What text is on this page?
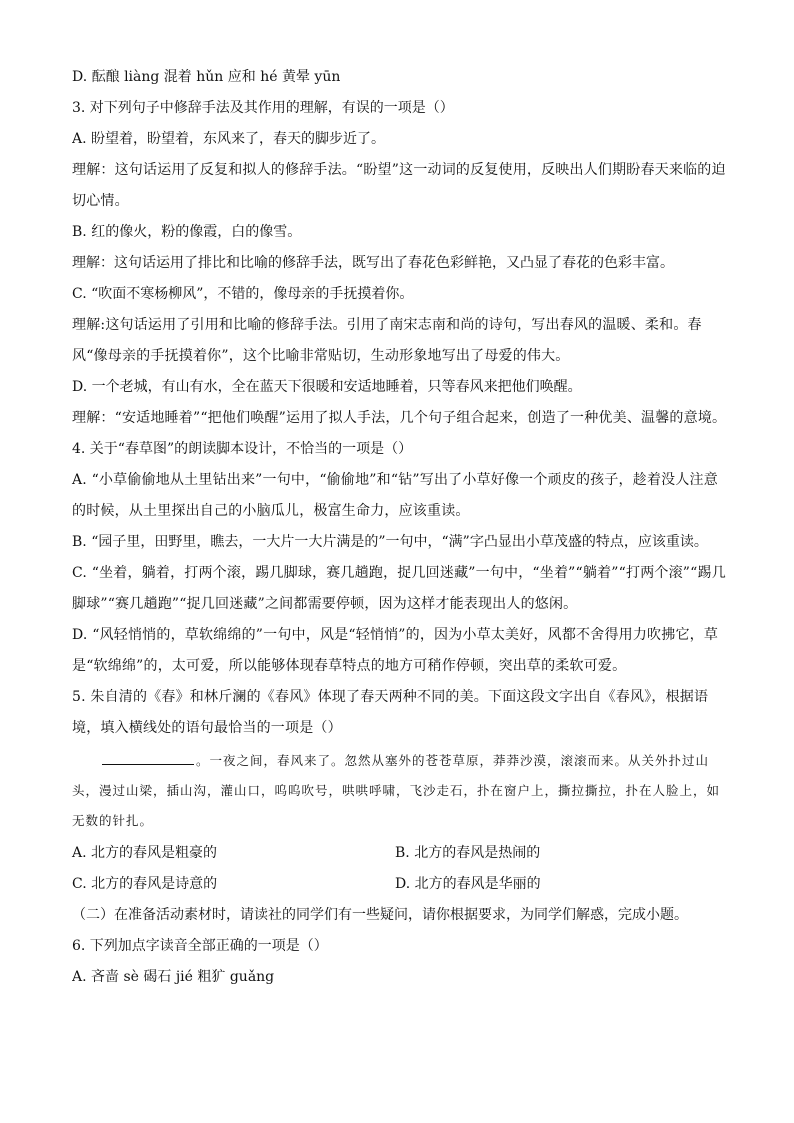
D. 酝酿 liàng 混着 hǔn 应和 hé 黄晕 yūn
3. 对下列句子中修辞手法及其作用的理解，有误的一项是（）
A. 盼望着，盼望着，东风来了，春天的脚步近了。
理解：这句话运用了反复和拟人的修辞手法。“盼望”这一动词的反复使用，反映出人们期盼春天来临的迫切心情。
B. 红的像火，粉的像霞，白的像雪。
理解：这句话运用了排比和比喻的修辞手法，既写出了春花色彩鲜艳，又凸显了春花的色彩丰富。
C. “吹面不寒杨柳风”，不错的，像母亲的手抚摸着你。
理解:这句话运用了引用和比喻的修辞手法。引用了南宋志南和尚的诗句，写出春风的温暖、柔和。春风“像母亲的手抚摸着你”，这个比喻非常贴切，生动形象地写出了母爱的伟大。
D. 一个老城，有山有水，全在蓝天下很暖和安适地睡着，只等春风来把他们唤醒。
理解：“安适地睡着”“把他们唤醒”运用了拟人手法，几个句子组合起来，创造了一种优美、温馨的意境。
4. 关于“春草图”的朗读脚本设计，不恰当的一项是（）
A. “小草偷偷地从土里钻出来”一句中，“偷偷地”和“钻”写出了小草好像一个顽皮的孩子，趁着没人注意的时候，从土里探出自己的小脑瓜儿，极富生命力，应该重读。
B. “园子里，田野里，瞧去，一大片一大片满是的”一句中，“满”字凸显出小草茂盛的特点，应该重读。
C. “坐着，躺着，打两个滚，踢几脚球，赛几趟跑，捉几回迷藏”一句中，“坐着”“躺着”“打两个滚”“踢几脚球”“赛几趟跑”“捉几回迷藏”之间都需要停顿，因为这样才能表现出人的悠闲。
D. “风轻悄悄的，草软绵绵的”一句中，风是“轻悄悄”的，因为小草太美好，风都不舍得用力吹拂它，草是“软绵绵”的，太可爱，所以能够体现春草特点的地方可稍作停顿，突出草的柔软可爱。
5. 朱自清的《春》和林斤澜的《春风》体现了春天两种不同的美。下面这段文字出自《春风》，根据语境，填入横线处的语句最恰当的一项是（）
。一夜之间，春风来了。忽然从塞外的苍苍草原，莽莽沙漠，滚滚而来。从关外扑过山头，漫过山梁，插山沟，灌山口，呜呜吹号，哄哄呼啸，飞沙走石，扑在窗户上，撕拉撕拉，扑在人脸上，如无数的针扎。
A. 北方的春风是粗豪的	B. 北方的春风是热闹的
C. 北方的春风是诗意的	D. 北方的春风是华丽的
（二）在准备活动素材时，请读社的同学们有一些疑问，请你根据要求，为同学们解惑，完成小题。
6. 下列加点字读音全部正确的一项是（）
A. 吝啬 sè 碣石 jié 粗犷 guǎng
